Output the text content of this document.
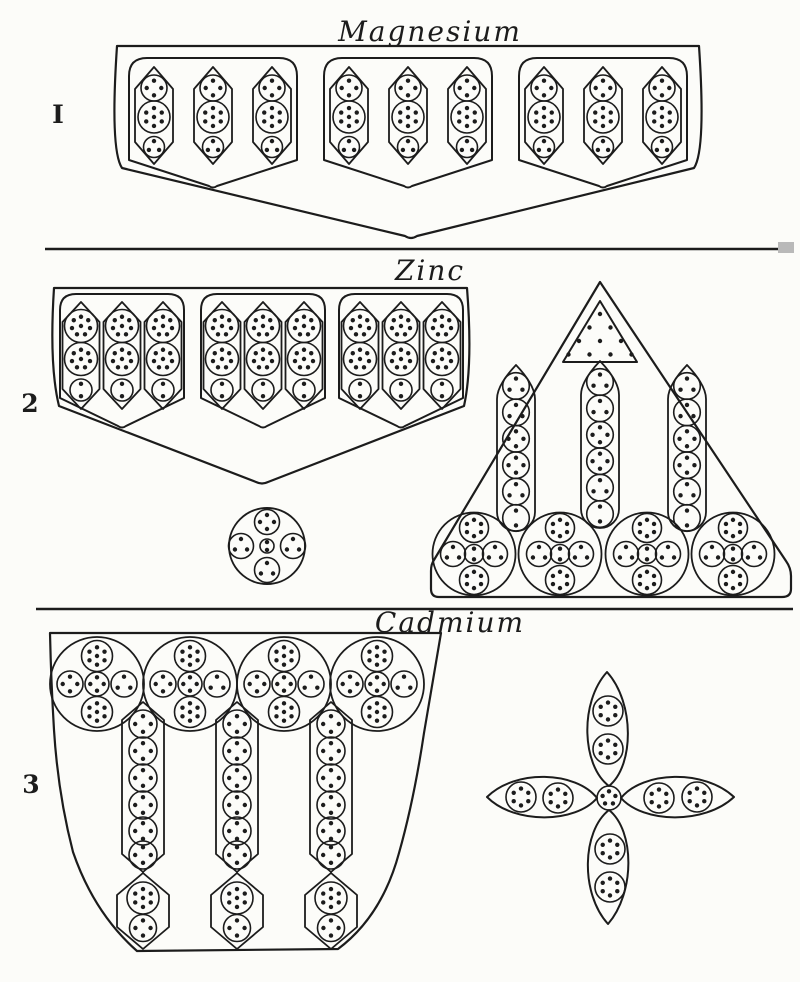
Magnesium
Zinc
Cadmium
I
2
3
